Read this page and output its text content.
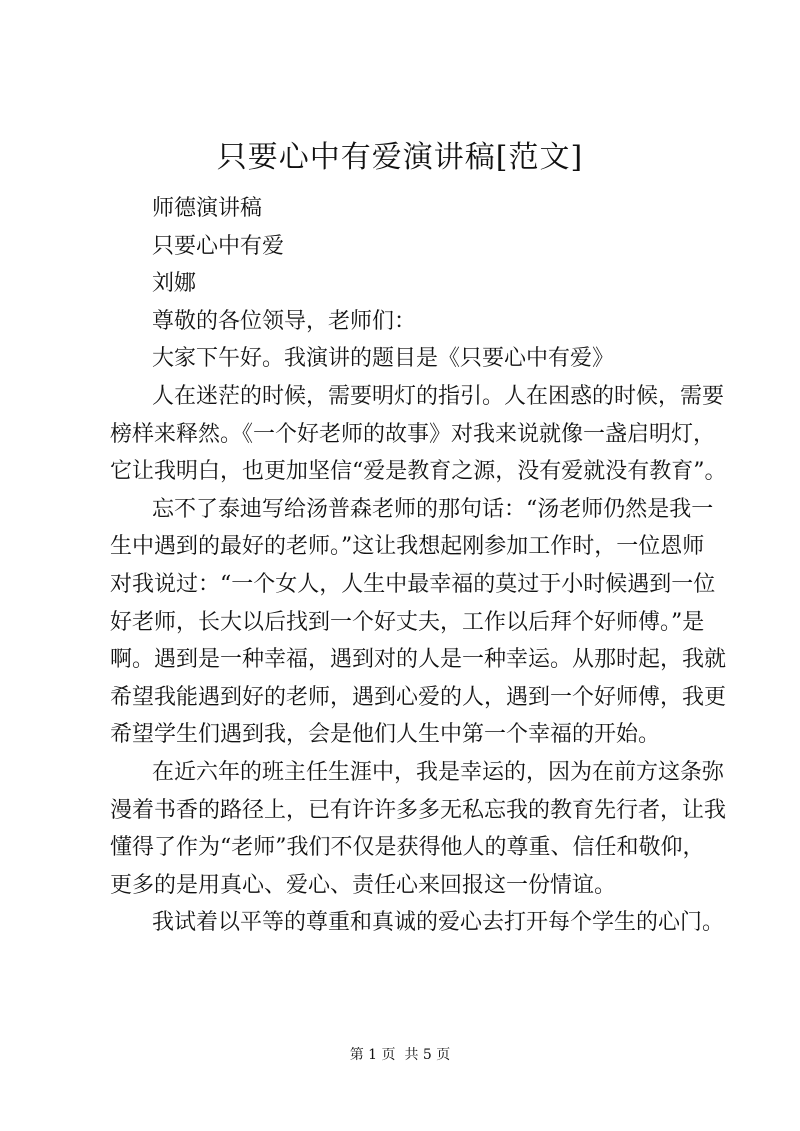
只要心中有爱演讲稿[范文]

师德演讲稿

只要心中有爱

刘娜

尊敬的各位领导，老师们：

大家下午好。我演讲的题目是《只要心中有爱》

人在迷茫的时候，需要明灯的指引。人在困惑的时候，需要

榜样来释然。《一个好老师的故事》对我来说就像一盏启明灯，

它让我明白，也更加坚信“爱是教育之源，没有爱就没有教育”。

忘不了泰迪写给汤普森老师的那句话：“汤老师仍然是我一

生中遇到的最好的老师。”这让我想起刚参加工作时，一位恩师

对我说过：“一个女人，人生中最幸福的莫过于小时候遇到一位

好老师，长大以后找到一个好丈夫，工作以后拜个好师傅。”是

啊。遇到是一种幸福，遇到对的人是一种幸运。从那时起，我就

希望我能遇到好的老师，遇到心爱的人，遇到一个好师傅，我更

希望学生们遇到我，会是他们人生中第一个幸福的开始。

在近六年的班主任生涯中，我是幸运的，因为在前方这条弥

漫着书香的路径上，已有许许多多无私忘我的教育先行者，让我

懂得了作为“老师”我们不仅是获得他人的尊重、信任和敬仰，

更多的是用真心、爱心、责任心来回报这一份情谊。

我试着以平等的尊重和真诚的爱心去打开每个学生的心门。

第 1 页  共 5 页
